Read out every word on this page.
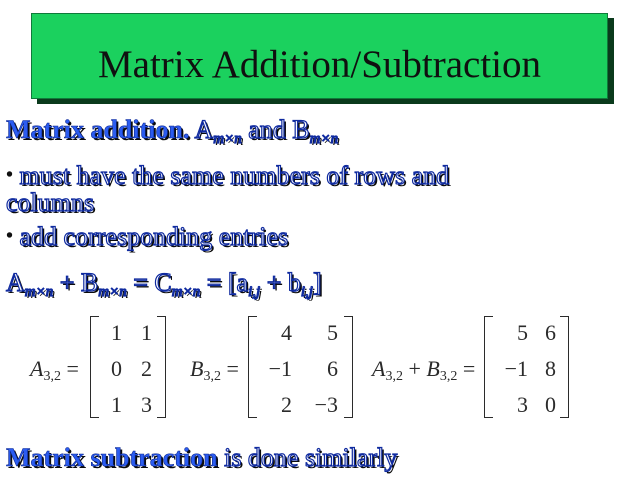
Matrix Addition/Subtraction
Matrix addition. $A_{m\times n}$ and $B_{m\times n}$
• must have the same numbers of rows and
columns
• add corresponding entries
$A_{m\times n} + B_{m\times n} = C_{m\times n} = [a_{i,j} + b_{i,j}]$
A3,2 =
1 1
0 2
1 3
B3,2 =
4	5
−1	6
2	−3
A3,2 + B3,2 =
5 6
−1 8
3 0
Matrix subtraction is done similarly
